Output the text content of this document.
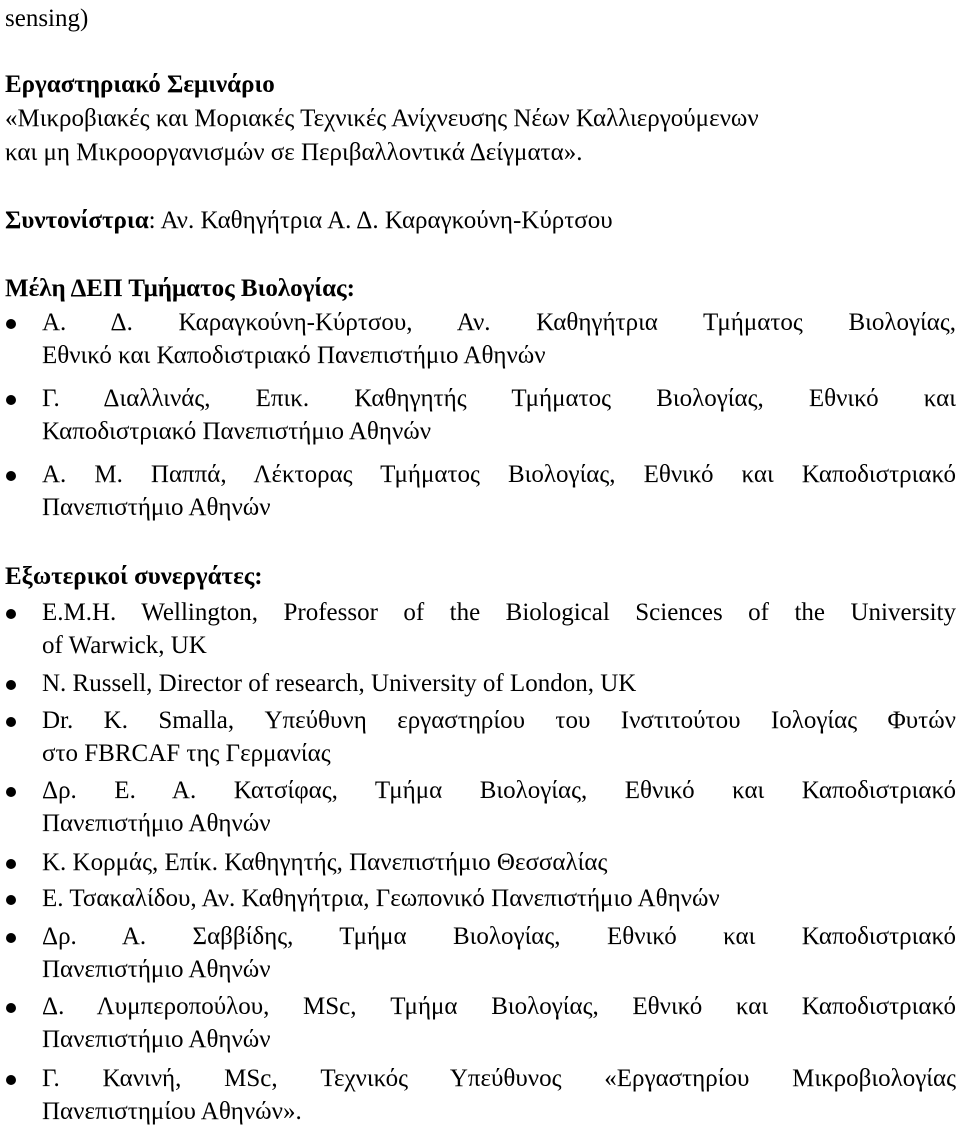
sensing)
Εργαστηριακό Σεμινάριο
«Μικροβιακές και Μοριακές Τεχνικές Ανίχνευσης Νέων Καλλιεργούμενων
και μη Μικροοργανισμών σε Περιβαλλοντικά Δείγματα».
Συντονίστρια: Αν. Καθηγήτρια Α. Δ. Καραγκούνη-Κύρτσου
Μέλη ΔΕΠ Τμήματος Βιολογίας:
Α. Δ. Καραγκούνη-Κύρτσου, Αν. Καθηγήτρια Τμήματος Βιολογίας,
Εθνικό και Καποδιστριακό Πανεπιστήμιο Αθηνών
Γ. Διαλλινάς, Επικ. Καθηγητής Τμήματος Βιολογίας, Εθνικό και
Καποδιστριακό Πανεπιστήμιο Αθηνών
Α. Μ. Παππά, Λέκτορας Τμήματος Βιολογίας, Εθνικό και Καποδιστριακό
Πανεπιστήμιο Αθηνών
Εξωτερικοί συνεργάτες:
E.M.H. Wellington, Professor of the Biological Sciences of the University
of Warwick, UK
N. Russell, Director of research, University of London, UK
Dr. K. Smalla, Υπεύθυνη εργαστηρίου του Ινστιτούτου Ιολογίας Φυτών
στο FBRCAF της Γερμανίας
Δρ. Ε. Α. Κατσίφας, Τμήμα Βιολογίας, Εθνικό και Καποδιστριακό
Πανεπιστήμιο Αθηνών
Κ. Κορμάς, Επίκ. Καθηγητής, Πανεπιστήμιο Θεσσαλίας
Ε. Τσακαλίδου, Αν. Καθηγήτρια, Γεωπονικό Πανεπιστήμιο Αθηνών
Δρ. Α. Σαββίδης, Τμήμα Βιολογίας, Εθνικό και Καποδιστριακό
Πανεπιστήμιο Αθηνών
Δ. Λυμπεροπούλου, MSc, Τμήμα Βιολογίας, Εθνικό και Καποδιστριακό
Πανεπιστήμιο Αθηνών
Γ. Κανινή, MSc, Τεχνικός Υπεύθυνος «Εργαστηρίου Μικροβιολογίας
Πανεπιστημίου Αθηνών».
